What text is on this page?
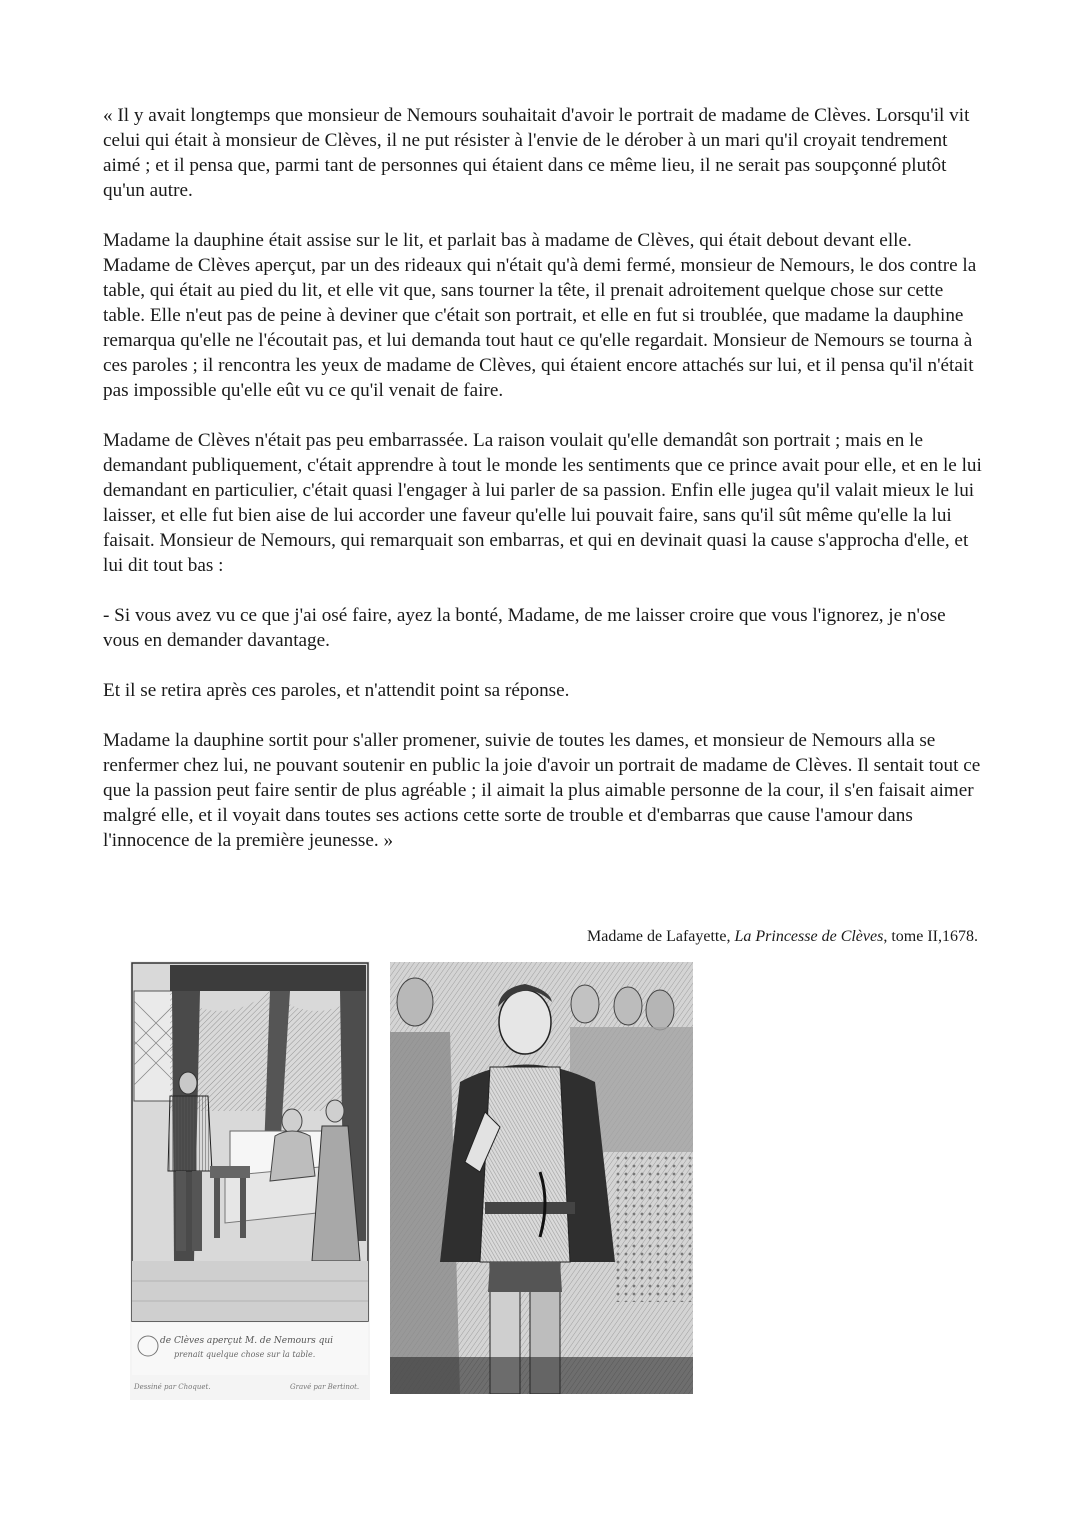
« Il y avait longtemps que monsieur de Nemours souhaitait d'avoir le portrait de madame de Clèves. Lorsqu'il vit celui qui était à monsieur de Clèves, il ne put résister à l'envie de le dérober à un mari qu'il croyait tendrement aimé ; et il pensa que, parmi tant de personnes qui étaient dans ce même lieu, il ne serait pas soupçonné plutôt qu'un autre.

Madame la dauphine était assise sur le lit, et parlait bas à madame de Clèves, qui était debout devant elle. Madame de Clèves aperçut, par un des rideaux qui n'était qu'à demi fermé, monsieur de Nemours, le dos contre la table, qui était au pied du lit, et elle vit que, sans tourner la tête, il prenait adroitement quelque chose sur cette table. Elle n'eut pas de peine à deviner que c'était son portrait, et elle en fut si troublée, que madame la dauphine remarqua qu'elle ne l'écoutait pas, et lui demanda tout haut ce qu'elle regardait. Monsieur de Nemours se tourna à ces paroles ; il rencontra les yeux de madame de Clèves, qui étaient encore attachés sur lui, et il pensa qu'il n'était pas impossible qu'elle eût vu ce qu'il venait de faire.

Madame de Clèves n'était pas peu embarrassée. La raison voulait qu'elle demandât son portrait ; mais en le demandant publiquement, c'était apprendre à tout le monde les sentiments que ce prince avait pour elle, et en le lui demandant en particulier, c'était quasi l'engager à lui parler de sa passion. Enfin elle jugea qu'il valait mieux le lui laisser, et elle fut bien aise de lui accorder une faveur qu'elle lui pouvait faire, sans qu'il sût même qu'elle la lui faisait. Monsieur de Nemours, qui remarquait son embarras, et qui en devinait quasi la cause s'approcha d'elle, et lui dit tout bas :

- Si vous avez vu ce que j'ai osé faire, ayez la bonté, Madame, de me laisser croire que vous l'ignorez, je n'ose vous en demander davantage.

Et il se retira après ces paroles, et n'attendit point sa réponse.

Madame la dauphine sortit pour s'aller promener, suivie de toutes les dames, et monsieur de Nemours alla se renfermer chez lui, ne pouvant soutenir en public la joie d'avoir un portrait de madame de Clèves. Il sentait tout ce que la passion peut faire sentir de plus agréable ; il aimait la plus aimable personne de la cour, il s'en faisait aimer malgré elle, et il voyait dans toutes ses actions cette sorte de trouble et d'embarras que cause l'amour dans l'innocence de la première jeunesse. »

Madame de Lafayette, La Princesse de Clèves, tome II,1678.
de Clèves aperçut M. de Nemours qui
prenait quelque chose sur la table.
Dessiné par Choquet.	Gravé par Bertinot.
